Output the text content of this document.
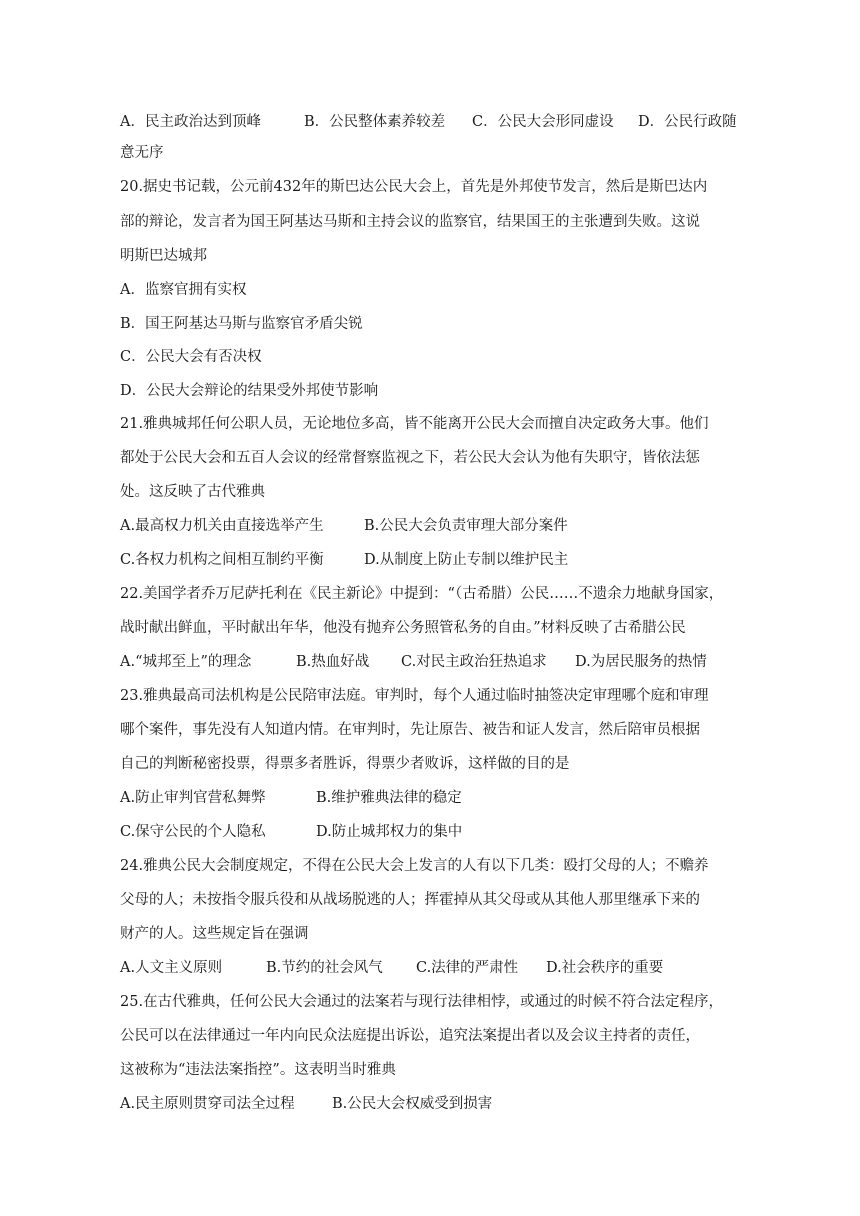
A．民主政治达到顶峰	B．公民整体素养较差 C．公民大会形同虚设 D．公民行政随

意无序

20.据史书记载，公元前432年的斯巴达公民大会上，首先是外邦使节发言，然后是斯巴达内

部的辩论，发言者为国王阿基达马斯和主持会议的监察官，结果国王的主张遭到失败。这说

明斯巴达城邦

A．监察官拥有实权

B．国王阿基达马斯与监察官矛盾尖锐

C．公民大会有否决权

D．公民大会辩论的结果受外邦使节影响

21.雅典城邦任何公职人员，无论地位多高，皆不能离开公民大会而擅自决定政务大事。他们

都处于公民大会和五百人会议的经常督察监视之下，若公民大会认为他有失职守，皆依法惩

处。这反映了古代雅典

A.最高权力机关由直接选举产生	B.公民大会负责审理大部分案件
C.各权力机构之间相互制约平衡	D.从制度上防止专制以维护民主

22.美国学者乔万尼萨托利在《民主新论》中提到：“（古希腊）公民……不遗余力地献身国家，

战时献出鲜血，平时献出年华，他没有抛弃公务照管私务的自由。”材料反映了古希腊公民

A.“城邦至上”的理念	B.热血好战 C.对民主政治狂热追求 D.为居民服务的热情

23.雅典最高司法机构是公民陪审法庭。审判时，每个人通过临时抽签决定审理哪个庭和审理

哪个案件，事先没有人知道内情。在审判时，先让原告、被告和证人发言，然后陪审员根据

自己的判断秘密投票，得票多者胜诉，得票少者败诉，这样做的目的是

A.防止审判官营私舞弊	B.维护雅典法律的稳定
C.保守公民的个人隐私	D.防止城邦权力的集中

24.雅典公民大会制度规定，不得在公民大会上发言的人有以下几类：殴打父母的人；不赡养

父母的人；未按指令服兵役和从战场脱逃的人；挥霍掉从其父母或从其他人那里继承下来的

财产的人。这些规定旨在强调

A.人文主义原则	B.节约的社会风气 C.法律的严肃性 D.社会秩序的重要

25.在古代雅典，任何公民大会通过的法案若与现行法律相悖，或通过的时候不符合法定程序，

公民可以在法律通过一年内向民众法庭提出诉讼，追究法案提出者以及会议主持者的责任，

这被称为“违法法案指控”。这表明当时雅典

A.民主原则贯穿司法全过程	B.公民大会权威受到损害
